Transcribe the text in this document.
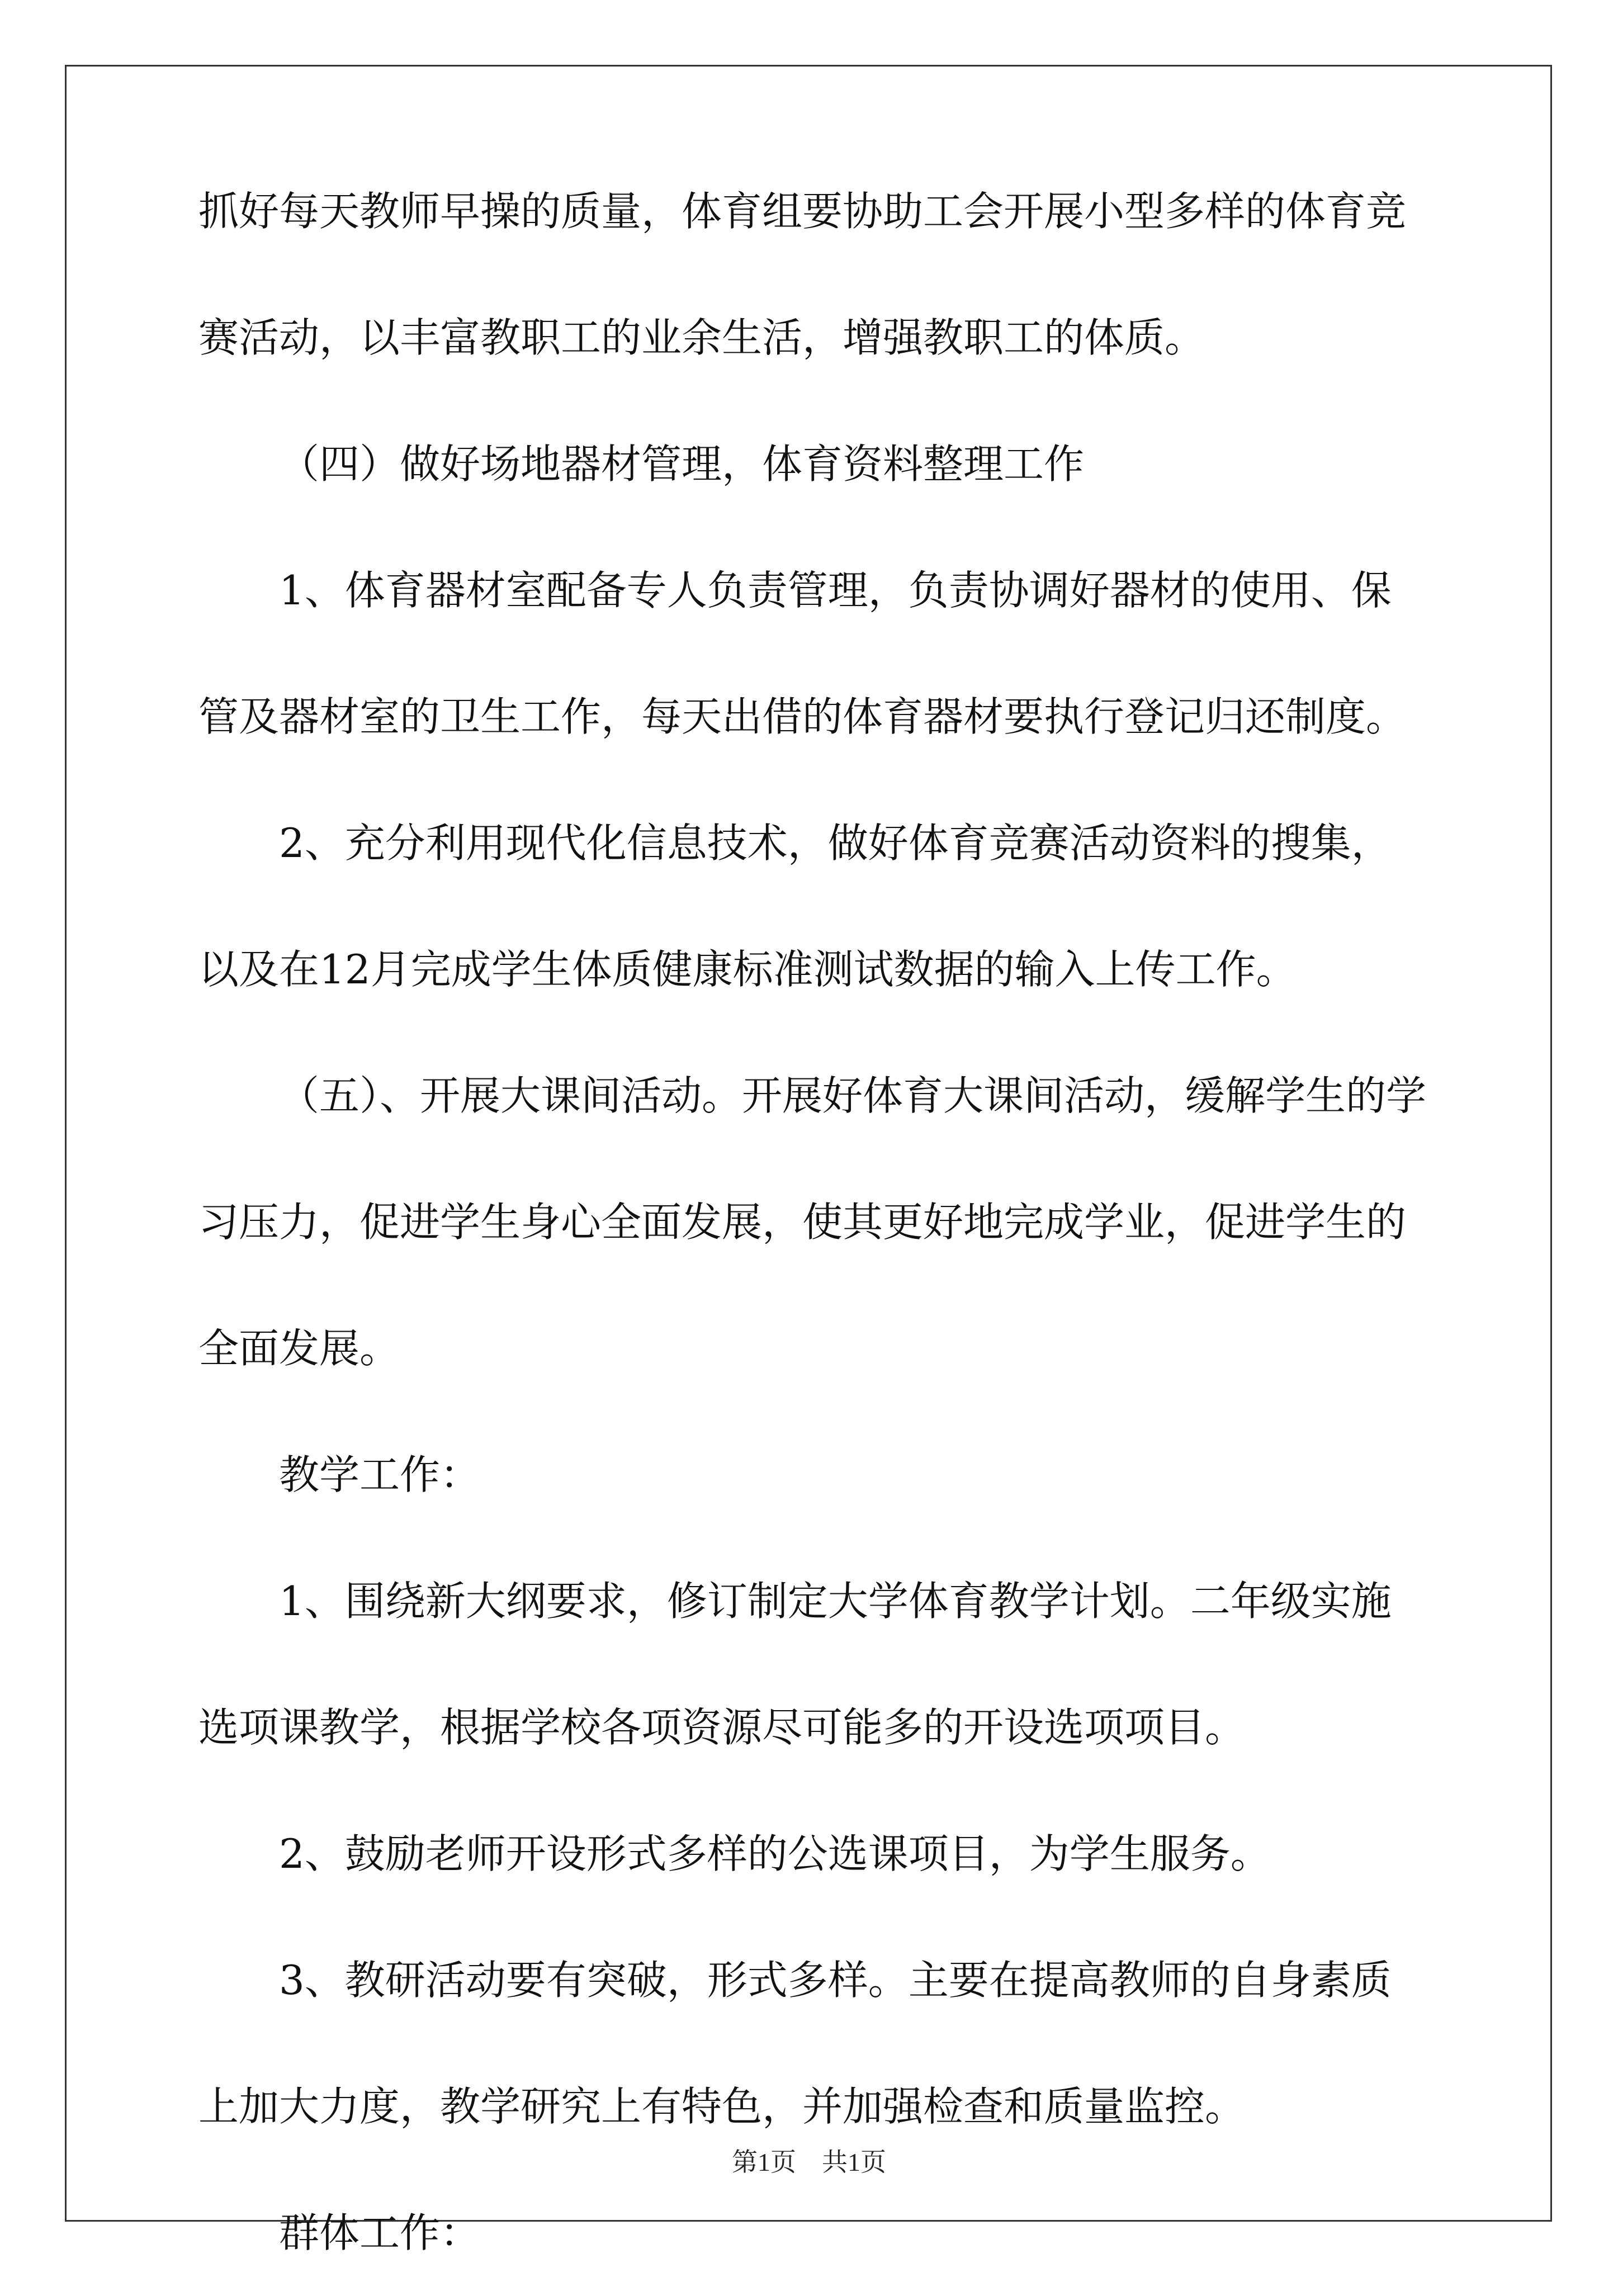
抓好每天教师早操的质量，体育组要协助工会开展小型多样的体育竞赛活动，以丰富教职工的业余生活，增强教职工的体质。

（四）做好场地器材管理，体育资料整理工作

1、体育器材室配备专人负责管理，负责协调好器材的使用、保管及器材室的卫生工作，每天出借的体育器材要执行登记归还制度。

2、充分利用现代化信息技术，做好体育竞赛活动资料的搜集，以及在12月完成学生体质健康标准测试数据的输入上传工作。

（五）、开展大课间活动。开展好体育大课间活动，缓解学生的学习压力，促进学生身心全面发展，使其更好地完成学业，促进学生的全面发展。

教学工作：

1、围绕新大纲要求，修订制定大学体育教学计划。二年级实施选项课教学，根据学校各项资源尽可能多的开设选项项目。

2、鼓励老师开设形式多样的公选课项目，为学生服务。

3、教研活动要有突破，形式多样。主要在提高教师的自身素质上加大力度，教学研究上有特色，并加强检查和质量监控。

群体工作：

第1页　共1页
